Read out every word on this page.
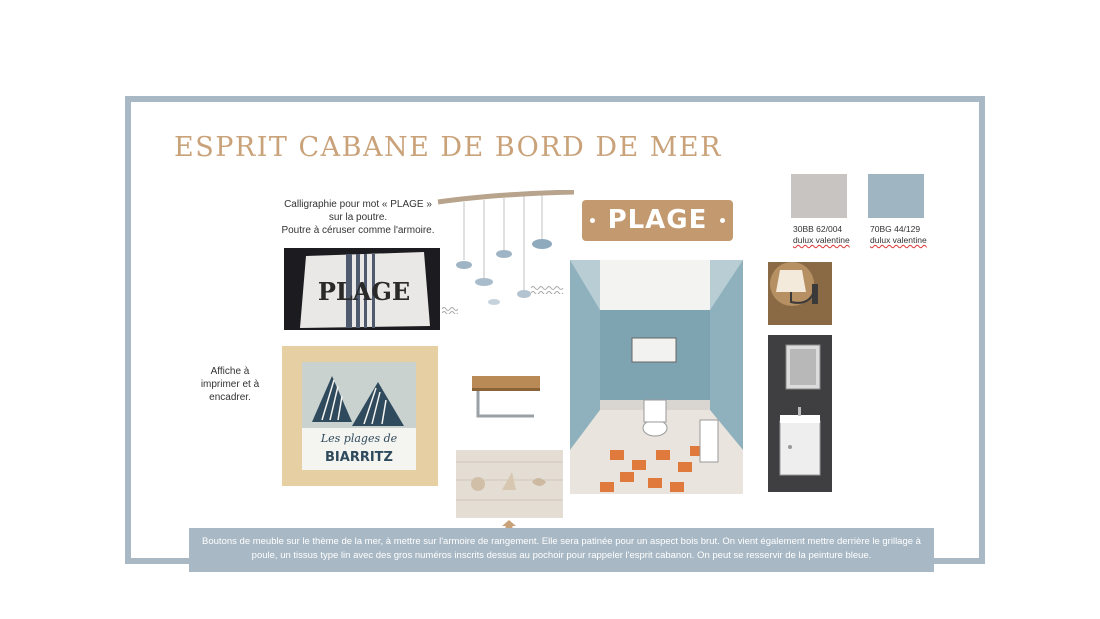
ESPRIT CABANE DE BORD DE MER
Calligraphie pour mot « PLAGE »
sur la poutre.
Poutre à céruser comme l'armoire.
Affiche à
imprimer et à
encadrer.
PLAGE
PLAGE	30BB 62/004
dulux valentine
70BG 44/129
dulux valentine
Les plages de
BIARRITZ
Boutons de meuble sur le thème de la mer, à mettre sur l'armoire de rangement. Elle sera patinée pour un aspect bois brut. On vient également mettre derrière le grillage à poule, un tissus type lin avec des gros numéros inscrits dessus au pochoir pour rappeler l'esprit cabanon. On peut se resservir de la peinture bleue.
